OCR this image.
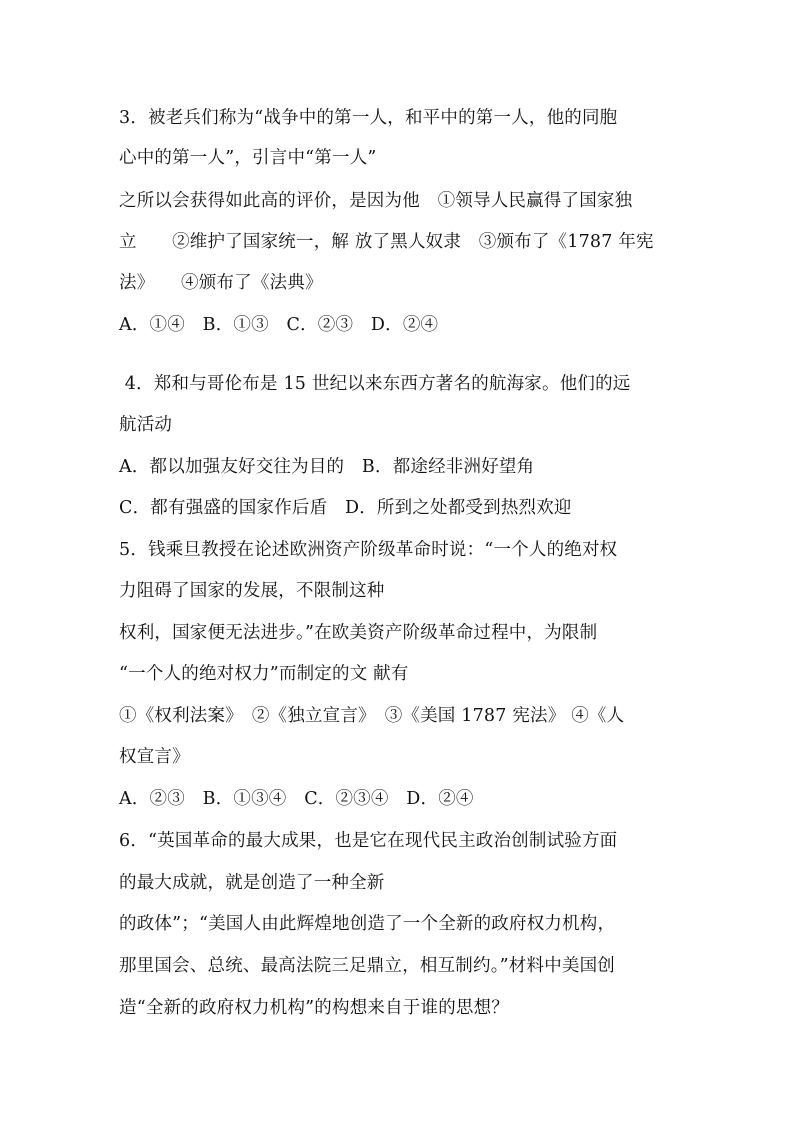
3．被老兵们称为“战争中的第一人，和平中的第一人，他的同胞
心中的第一人”，引言中“第一人”
之所以会获得如此高的评价，是因为他　①领导人民赢得了国家独
立　　②维护了国家统一，解 放了黑人奴隶　③颁布了《1787 年宪
法》　　④颁布了《法典》
A．①④　B．①③　C．②③　D．②④
4．郑和与哥伦布是 15 世纪以来东西方著名的航海家。他们的远
航活动
A．都以加强友好交往为目的　B．都途经非洲好望角
C．都有强盛的国家作后盾　D．所到之处都受到热烈欢迎
5．钱乘旦教授在论述欧洲资产阶级革命时说：“一个人的绝对权
力阻碍了国家的发展，不限制这种
权利，国家便无法进步。”在欧美资产阶级革命过程中，为限制
“一个人的绝对权力”而制定的文 献有
①《权利法案》　②《独立宣言》　③《美国 1787 宪法》 ④《人
权宣言》
A．②③　B．①③④　C．②③④　D．②④
6．“英国革命的最大成果，也是它在现代民主政治创制试验方面
的最大成就，就是创造了一种全新
的政体”；“美国人由此辉煌地创造了一个全新的政府权力机构，
那里国会、总统、最高法院三足鼎立，相互制约。”材料中美国创
造“全新的政府权力机构”的构想来自于谁的思想？
